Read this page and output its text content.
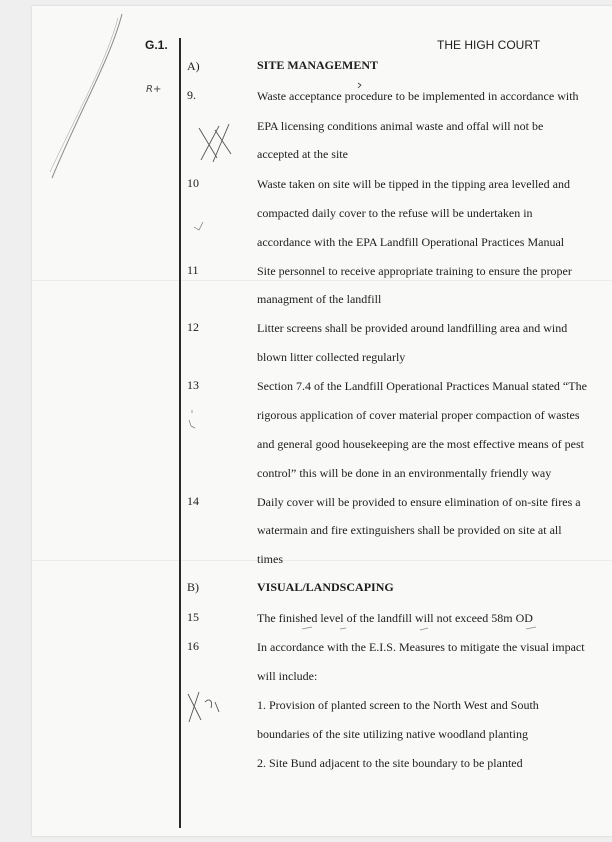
G.1.	THE HIGH COURT
A)	SITE MANAGEMENT
9.	Waste acceptance procedure to be implemented in accordance with
EPA licensing conditions animal waste and offal will not be
accepted at the site
10	Waste taken on site will be tipped in the tipping area levelled and
compacted daily cover to the refuse will be undertaken in
accordance with the EPA Landfill Operational Practices Manual
11	Site personnel to receive appropriate training to ensure the proper
managment of the landfill
12	Litter screens shall be provided around landfilling area and wind
blown litter collected regularly
13	Section 7.4 of the Landfill Operational Practices Manual stated “The
rigorous application of cover material proper compaction of wastes
and general good housekeeping are the most effective means of pest
control” this will be done in an environmentally friendly way
14	Daily cover will be provided to ensure elimination of on-site fires a
watermain and fire extinguishers shall be provided on site at all
times
B)	VISUAL/LANDSCAPING
15	The finished level of the landfill will not exceed 58m OD
16	In accordance with the E.I.S. Measures to mitigate the visual impact
will include:
1. Provision of planted screen to the North West and South
boundaries of the site utilizing native woodland planting
2. Site Bund adjacent to the site boundary to be planted
R+
